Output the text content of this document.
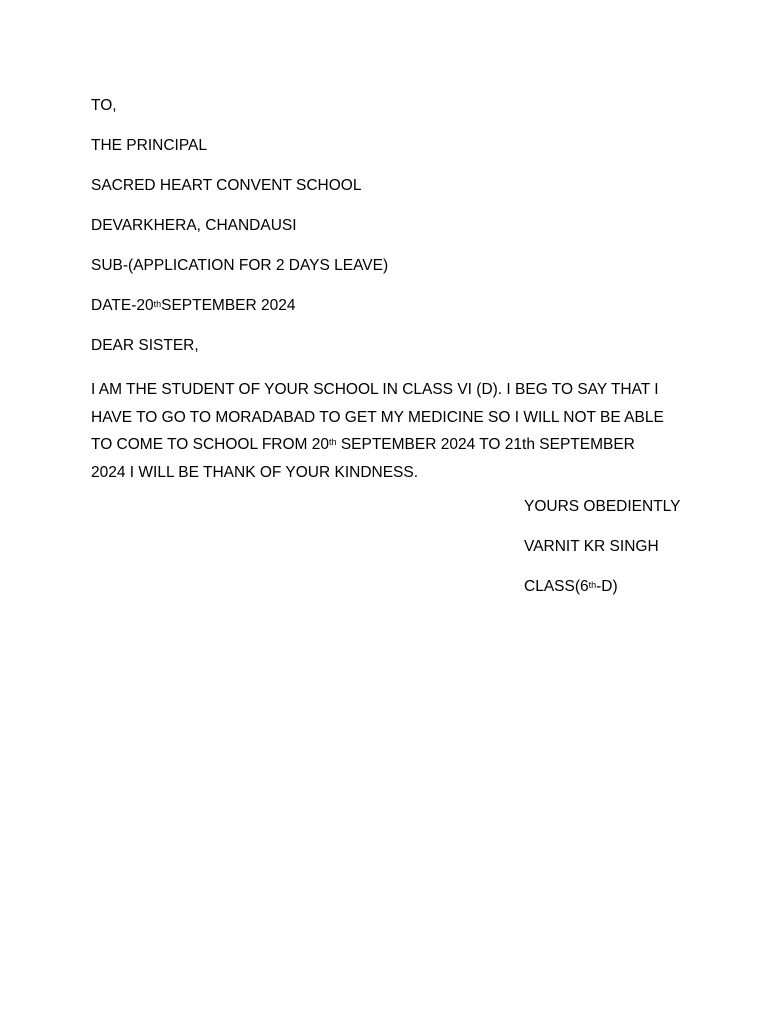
TO,
THE PRINCIPAL
SACRED HEART CONVENT SCHOOL
DEVARKHERA, CHANDAUSI
SUB-(APPLICATION FOR 2 DAYS LEAVE)
DATE-20thSEPTEMBER 2024
DEAR SISTER,
I AM THE STUDENT OF YOUR SCHOOL IN CLASS VI (D). I BEG TO SAY THAT I
HAVE TO GO TO MORADABAD TO GET MY MEDICINE SO I WILL NOT BE ABLE
TO COME TO SCHOOL FROM 20th SEPTEMBER 2024 TO 21th SEPTEMBER
2024 I WILL BE THANK OF YOUR KINDNESS.
YOURS OBEDIENTLY
VARNIT KR SINGH
CLASS(6th-D)
